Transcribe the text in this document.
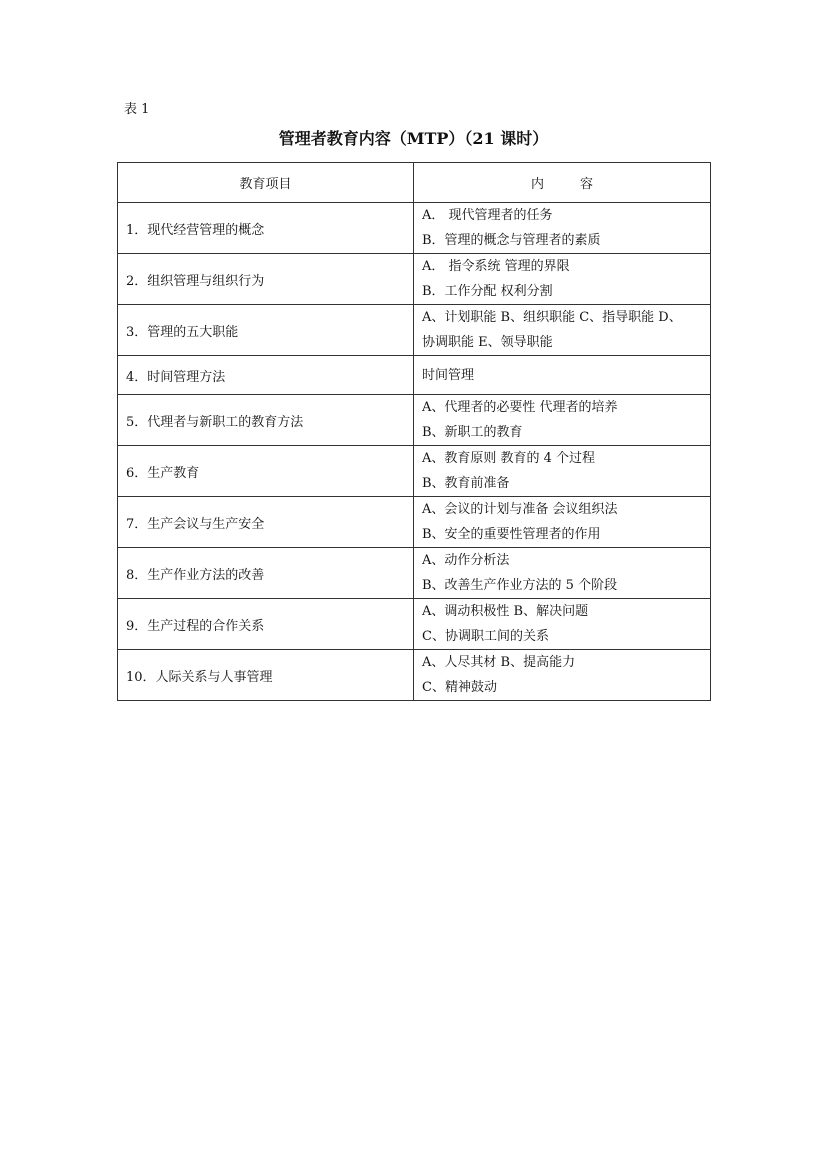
表 1
管理者教育内容（MTP）（21 课时）
教育项目	内 容
1．现代经营管理的概念	A． 现代管理者的任务
B．管理的概念与管理者的素质

2．组织管理与组织行为	A． 指令系统 管理的界限
B．工作分配 权利分割

3．管理的五大职能	A、计划职能 B、组织职能 C、指导职能 D、
协调职能 E、领导职能

4．时间管理方法	时间管理

5．代理者与新职工的教育方法	A、代理者的必要性 代理者的培养
B、新职工的教育

6．生产教育	A、教育原则 教育的 4 个过程
B、教育前准备

7．生产会议与生产安全	A、会议的计划与准备 会议组织法
B、安全的重要性管理者的作用

8．生产作业方法的改善	A、动作分析法
B、改善生产作业方法的 5 个阶段

9．生产过程的合作关系	A、调动积极性 B、解决问题
C、协调职工间的关系

10．人际关系与人事管理	A、人尽其材 B、提高能力
C、精神鼓动
